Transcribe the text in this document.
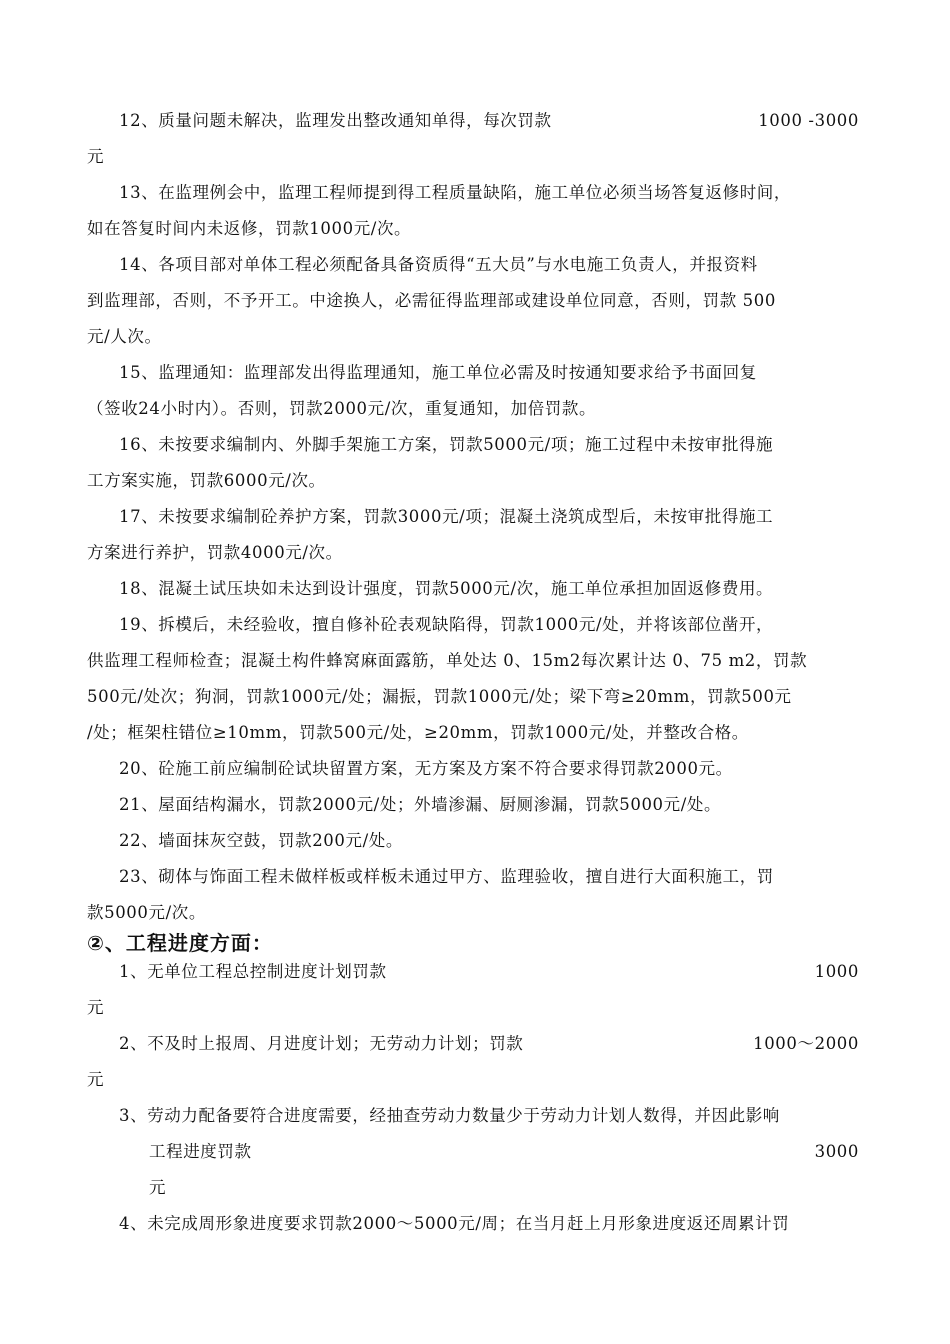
12、质量问题未解决，监理发出整改通知单得，每次罚款	1000 -3000
元
13、在监理例会中，监理工程师提到得工程质量缺陷，施工单位必须当场答复返修时间，
如在答复时间内未返修，罚款1000元/次。
14、各项目部对单体工程必须配备具备资质得“五大员”与水电施工负责人，并报资料
到监理部，否则，不予开工。中途换人，必需征得监理部或建设单位同意，否则，罚款 500
元/人次。
15、监理通知：监理部发出得监理通知，施工单位必需及时按通知要求给予书面回复
（签收24小时内）。否则，罚款2000元/次，重复通知，加倍罚款。
16、未按要求编制内、外脚手架施工方案，罚款5000元/项；施工过程中未按审批得施
工方案实施，罚款6000元/次。
17、未按要求编制砼养护方案，罚款3000元/项；混凝土浇筑成型后，未按审批得施工
方案进行养护，罚款4000元/次。
18、混凝土试压块如未达到设计强度，罚款5000元/次，施工单位承担加固返修费用。
19、拆模后，未经验收，擅自修补砼表观缺陷得，罚款1000元/处，并将该部位凿开，
供监理工程师检查；混凝土构件蜂窝麻面露筋，单处达 0、15m2每次累计达 0、75 m2，罚款
500元/处次；狗洞，罚款1000元/处；漏振，罚款1000元/处；梁下弯≥20mm，罚款500元
/处；框架柱错位≥10mm，罚款500元/处，≥20mm，罚款1000元/处，并整改合格。
20、砼施工前应编制砼试块留置方案，无方案及方案不符合要求得罚款2000元。
21、屋面结构漏水，罚款2000元/处；外墙渗漏、厨厕渗漏，罚款5000元/处。
22、墙面抹灰空鼓，罚款200元/处。
23、砌体与饰面工程未做样板或样板未通过甲方、监理验收，擅自进行大面积施工，罚
款5000元/次。
②、工程进度方面：
1、无单位工程总控制进度计划罚款	1000
元
2、不及时上报周、月进度计划；无劳动力计划；罚款	1000～2000
元
3、劳动力配备要符合进度需要，经抽查劳动力数量少于劳动力计划人数得，并因此影响
工程进度罚款	3000
元
4、未完成周形象进度要求罚款2000～5000元/周；在当月赶上月形象进度返还周累计罚
